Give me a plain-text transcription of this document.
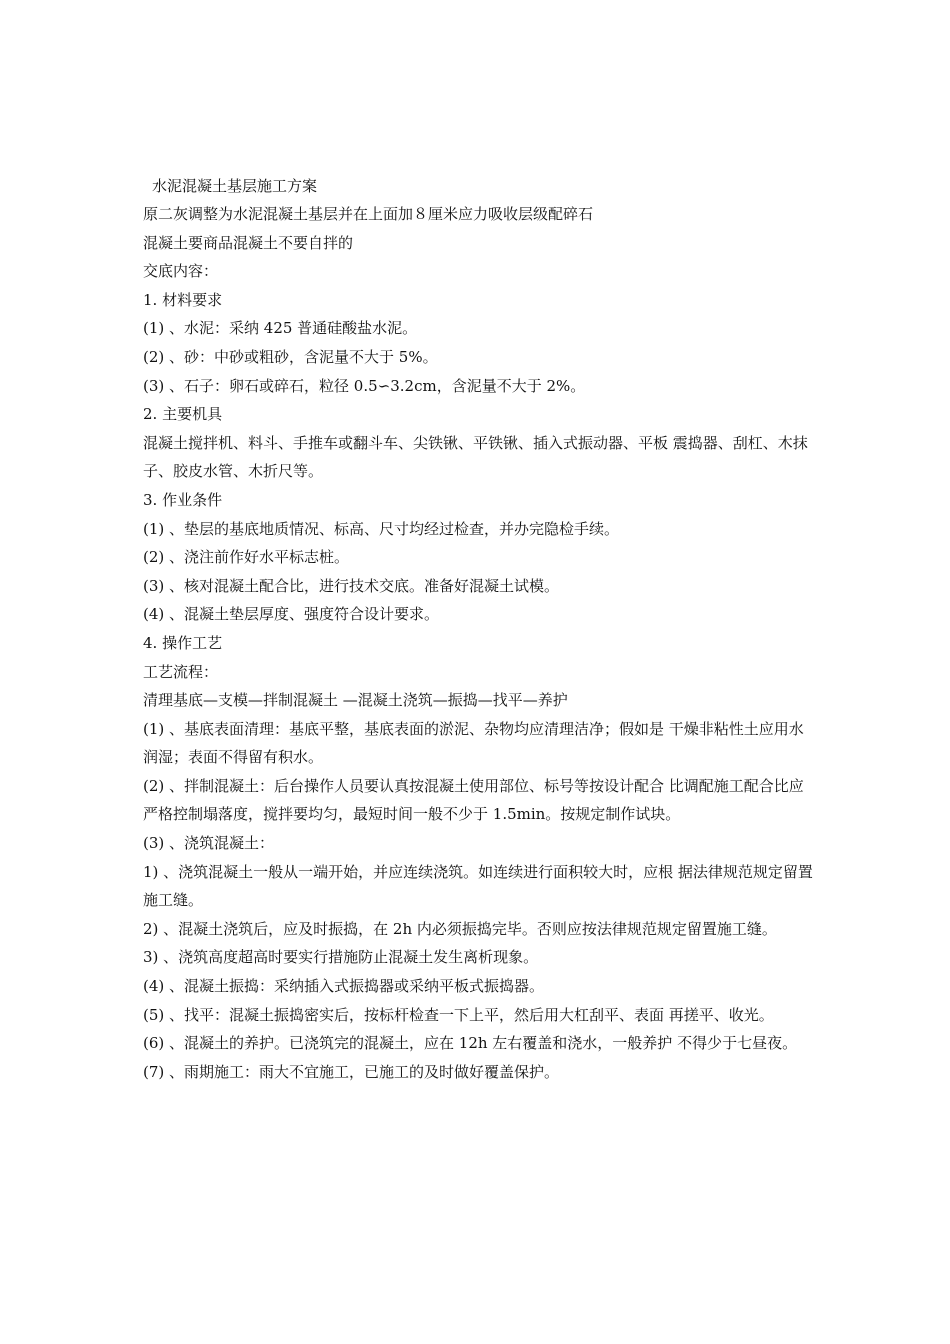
水泥混凝土基层施工方案
原二灰调整为水泥混凝土基层并在上面加８厘米应力吸收层级配碎石
混凝土要商品混凝土不要自拌的
交底内容：
1. 材料要求
(1) 、水泥：采纳 425 普通硅酸盐水泥。
(2) 、砂：中砂或粗砂，含泥量不大于 5%。
(3) 、石子：卵石或碎石，粒径 0.5∽3.2cm，含泥量不大于 2%。
2. 主要机具
混凝土搅拌机、料斗、手推车或翻斗车、尖铁锹、平铁锹、插入式振动器、平板 震捣器、刮杠、木抹子、胶皮水管、木折尺等。
3. 作业条件
(1) 、垫层的基底地质情况、标高、尺寸均经过检查，并办完隐检手续。
(2) 、浇注前作好水平标志桩。
(3) 、核对混凝土配合比，进行技术交底。准备好混凝土试模。
(4) 、混凝土垫层厚度、强度符合设计要求。
4. 操作工艺
工艺流程：
清理基底—支模—拌制混凝土 —混凝土浇筑—振捣—找平—养护
(1) 、基底表面清理：基底平整，基底表面的淤泥、杂物均应清理洁净；假如是 干燥非粘性土应用水润湿；表面不得留有积水。
(2) 、拌制混凝土：后台操作人员要认真按混凝土使用部位、标号等按设计配合 比调配施工配合比应严格控制塌落度，搅拌要均匀，最短时间一般不少于 1.5min。按规定制作试块。
(3) 、浇筑混凝土：
1) 、浇筑混凝土一般从一端开始，并应连续浇筑。如连续进行面积较大时，应根 据法律规范规定留置施工缝。
2) 、混凝土浇筑后，应及时振捣，在 2h 内必须振捣完毕。否则应按法律规范规定留置施工缝。
3) 、浇筑高度超高时要实行措施防止混凝土发生离析现象。
(4) 、混凝土振捣：采纳插入式振捣器或采纳平板式振捣器。
(5) 、找平：混凝土振捣密实后，按标杆检查一下上平，然后用大杠刮平、表面 再搓平、收光。
(6) 、混凝土的养护。已浇筑完的混凝土，应在 12h 左右覆盖和浇水，一般养护 不得少于七昼夜。
(7) 、雨期施工：雨大不宜施工，已施工的及时做好覆盖保护。
